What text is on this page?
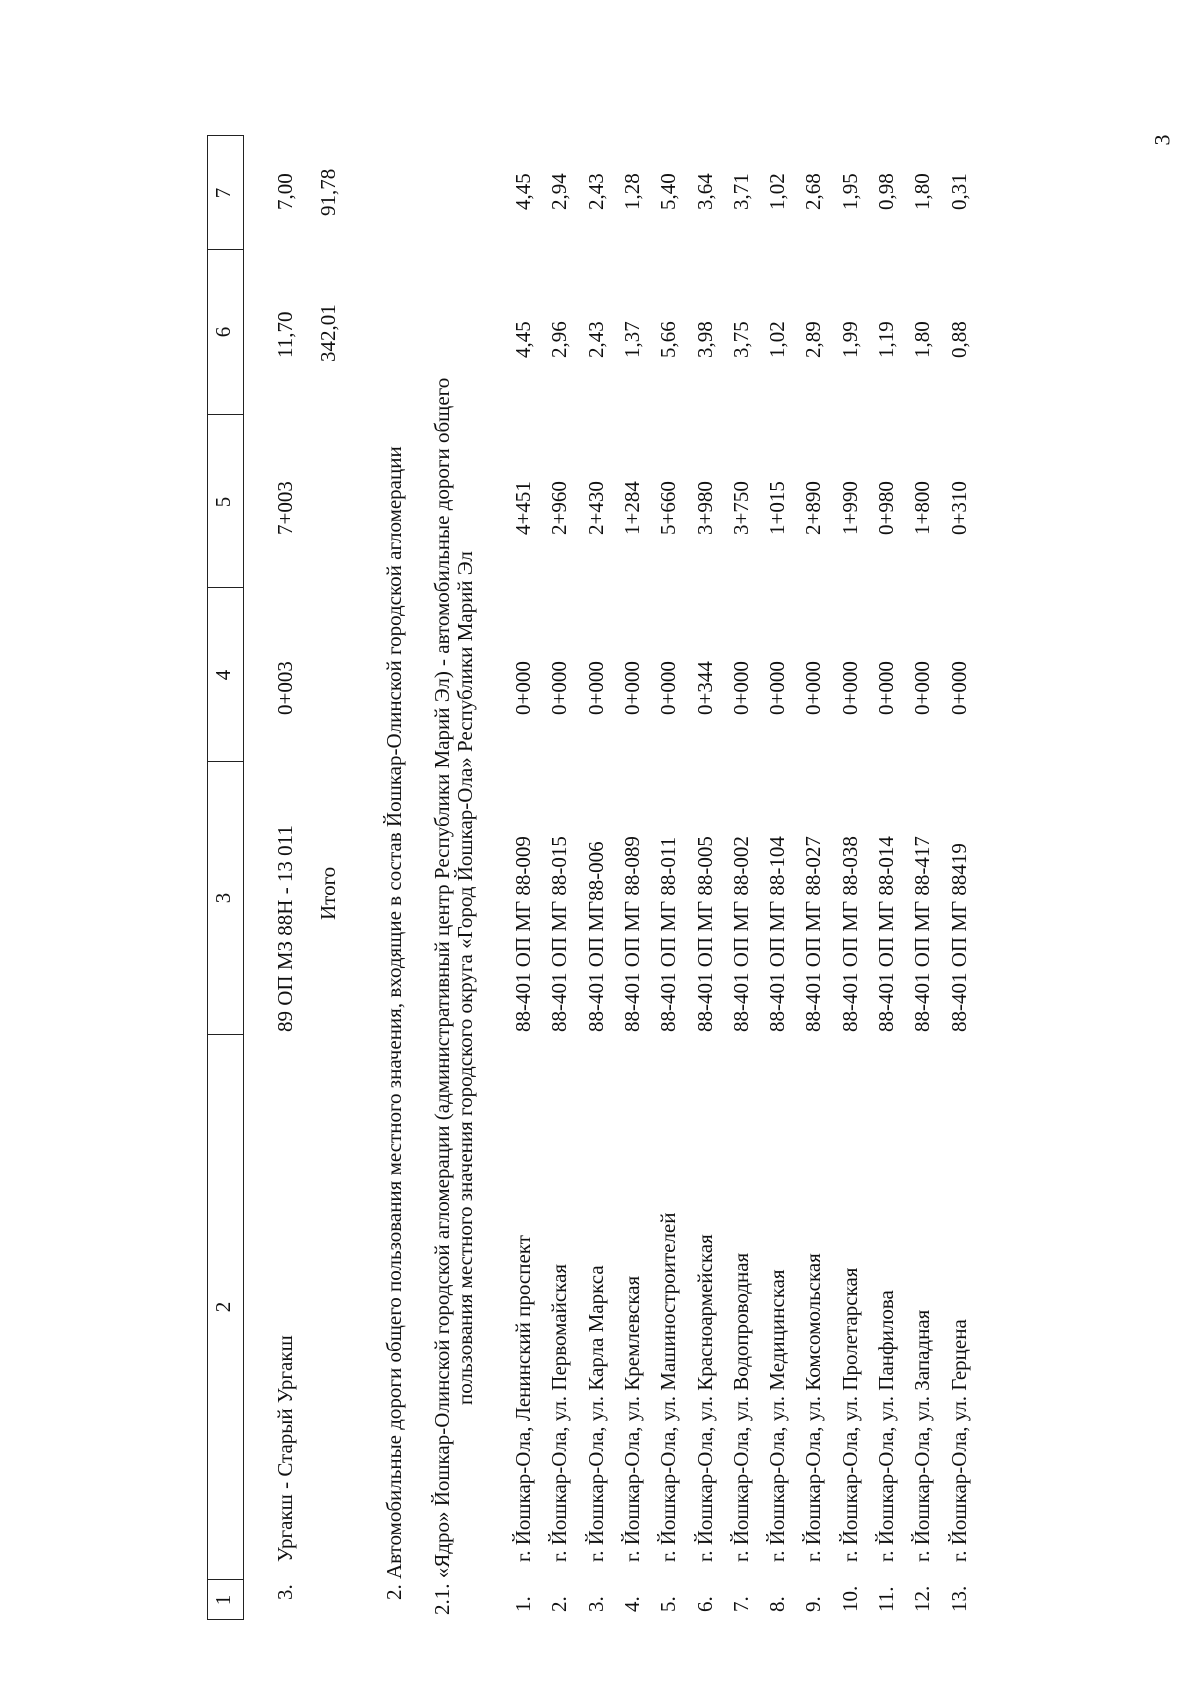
3
1
2
3
4
5
6
7
3.
Ургакш - Старый Ургакш
89 ОП МЗ 88Н - 13 011
0+003
7+003
11,70
7,00
Итого
342,01
91,78
2. Автомобильные дороги общего пользования местного значения, входящие в состав Йошкар-Олинской городской агломерации 2.1. «Ядро» Йошкар-Олинской городской агломерации (административный центр Республики Марий Эл) - автомобильные дороги общего пользования местного значения городского округа «Город Йошкар-Ола» Республики Марий Эл
1.
г. Йошкар-Ола, Ленинский проспект
88-401 ОП МГ 88-009
0+000
4+451
4,45
4,45
2.
г. Йошкар-Ола, ул. Первомайская
88-401 ОП МГ 88-015
0+000
2+960
2,96
2,94
3.
г. Йошкар-Ола, ул. Карла Маркса
88-401 ОП МГ88-006
0+000
2+430
2,43
2,43
4.
г. Йошкар-Ола, ул. Кремлевская
88-401 ОП МГ 88-089
0+000
1+284
1,37
1,28
5.
г. Йошкар-Ола, ул. Машиностроителей
88-401 ОП МГ 88-011
0+000
5+660
5,66
5,40
6.
г. Йошкар-Ола, ул. Красноармейская
88-401 ОП МГ 88-005
0+344
3+980
3,98
3,64
7.
г. Йошкар-Ола, ул. Водопроводная
88-401 ОП МГ 88-002
0+000
3+750
3,75
3,71
8.
г. Йошкар-Ола, ул. Медицинская
88-401 ОП МГ 88-104
0+000
1+015
1,02
1,02
9.
г. Йошкар-Ола, ул. Комсомольская
88-401 ОП МГ 88-027
0+000
2+890
2,89
2,68
10.
г. Йошкар-Ола, ул. Пролетарская
88-401 ОП МГ 88-038
0+000
1+990
1,99
1,95
11.
г. Йошкар-Ола, ул. Панфилова
88-401 ОП МГ 88-014
0+000
0+980
1,19
0,98
12.
г. Йошкар-Ола, ул. Западная
88-401 ОП МГ 88-417
0+000
1+800
1,80
1,80
13.
г. Йошкар-Ола, ул. Герцена
88-401 ОП МГ 88419
0+000
0+310
0,88
0,31
